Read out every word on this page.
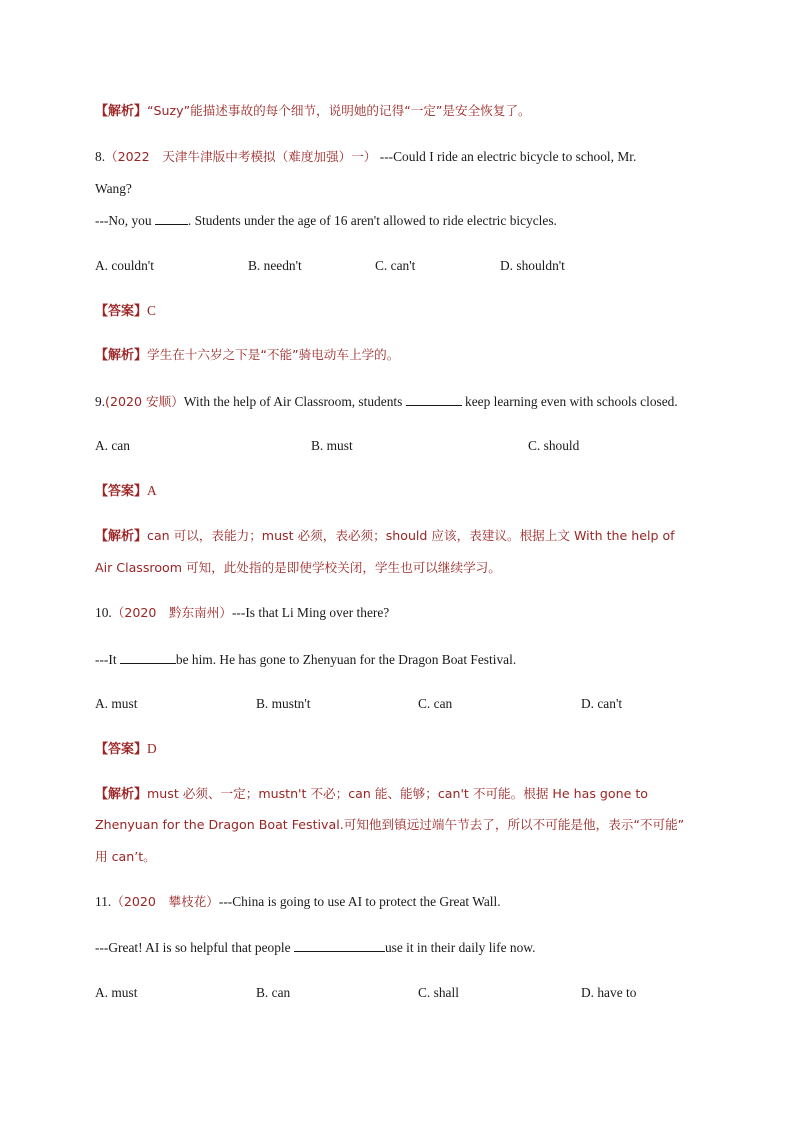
【解析】“Suzy”能描述事故的每个细节，说明她的记得“一定”是安全恢复了。
8.（2022　天津牛津版中考模拟（难度加强）一） ---Could I ride an electric bicycle to school, Mr.
Wang?
---No, you . Students under the age of 16 aren't allowed to ride electric bicycles.
A. couldn't	B. needn't	C. can't	D. shouldn't
【答案】C
【解析】学生在十六岁之下是“不能”骑电动车上学的。
9.(2020 安顺）With the help of Air Classroom, students	keep learning even with schools closed.
A. can	B. must	C. should
【答案】A
【解析】can 可以，表能力；must 必须，表必须；should 应该，表建议。根据上文 With the help of
Air Classroom 可知，此处指的是即使学校关闭，学生也可以继续学习。
10.（2020　黔东南州）---Is that Li Ming over there?
---It	be him. He has gone to Zhenyuan for the Dragon Boat Festival.
A. must	B. mustn't	C. can	D. can't
【答案】D
【解析】must 必须、一定；mustn't 不必；can 能、能够；can't 不可能。根据 He has gone to
Zhenyuan for the Dragon Boat Festival.可知他到镇远过端午节去了，所以不可能是他，表示“不可能”
用 can’t。
11.（2020　攀枝花）---China is going to use AI to protect the Great Wall.
---Great! AI is so helpful that people	use it in their daily life now.
A. must	B. can	C. shall	D. have to
